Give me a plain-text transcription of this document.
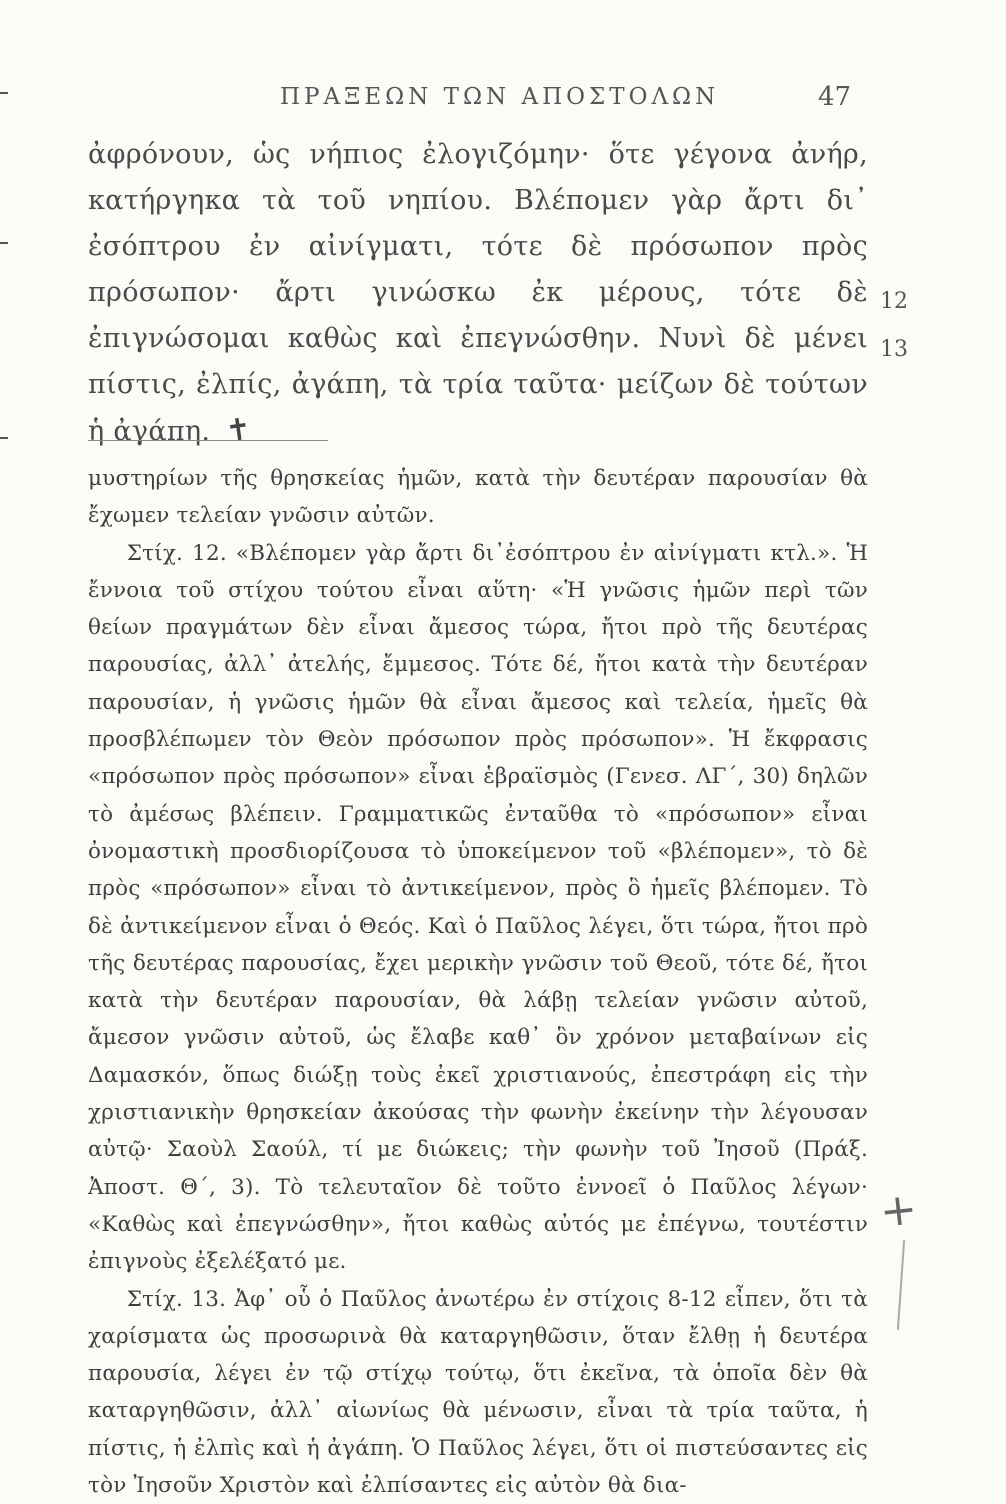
ΠΡΑΞΕΩΝ ΤΩΝ ΑΠΟΣΤΟΛΩΝ	47

ἀφρόνουν, ὡς νήπιος ἐλογιζόμην· ὅτε γέγονα ἀνήρ, κατήργηκα τὰ τοῦ νηπίου. Βλέπομεν γὰρ ἄρτι δι᾿ ἐσόπτρου ἐν αἰνίγματι, τότε δὲ πρόσωπον πρὸς πρόσωπον· ἄρτι γινώσκω ἐκ μέρους, τότε δὲ ἐπιγνώσομαι καθὼς καὶ ἐπεγνώσθην. Νυνὶ δὲ μένει πίστις, ἐλπίς, ἀγάπη, τὰ τρία ταῦτα· μείζων δὲ τούτων ἡ ἀγάπη. ✝

12
13

μυστηρίων τῆς θρησκείας ἡμῶν, κατὰ τὴν δευτέραν παρουσίαν θὰ ἔχωμεν τελείαν γνῶσιν αὐτῶν.

Στίχ. 12. «Βλέπομεν γὰρ ἄρτι δι᾿ἐσόπτρου ἐν αἰνίγματι κτλ.». Ἡ ἔννοια τοῦ στίχου τούτου εἶναι αὕτη· «Ἡ γνῶσις ἡμῶν περὶ τῶν θείων πραγμάτων δὲν εἶναι ἄμεσος τώρα, ἤτοι πρὸ τῆς δευτέρας παρουσίας, ἀλλ᾿ ἀτελής, ἔμμεσος. Τότε δέ, ἤτοι κατὰ τὴν δευτέραν παρουσίαν, ἡ γνῶσις ἡμῶν θὰ εἶναι ἄμεσος καὶ τελεία, ἡμεῖς θὰ προσβλέπωμεν τὸν Θεὸν πρόσωπον πρὸς πρόσωπον». Ἡ ἔκφρασις «πρόσωπον πρὸς πρόσωπον» εἶναι ἑβραϊσμὸς (Γενεσ. ΛΓ΄, 30) δηλῶν τὸ ἀμέσως βλέπειν. Γραμματικῶς ἐνταῦθα τὸ «πρόσωπον» εἶναι ὀνομαστικὴ προσδιορίζουσα τὸ ὑποκείμενον τοῦ «βλέπομεν», τὸ δὲ πρὸς «πρόσωπον» εἶναι τὸ ἀντικείμενον, πρὸς ὃ ἡμεῖς βλέπομεν. Τὸ δὲ ἀντικείμενον εἶναι ὁ Θεός. Καὶ ὁ Παῦλος λέγει, ὅτι τώρα, ἤτοι πρὸ τῆς δευτέρας παρουσίας, ἔχει μερικὴν γνῶσιν τοῦ Θεοῦ, τότε δέ, ἤτοι κατὰ τὴν δευτέραν παρουσίαν, θὰ λάβῃ τελείαν γνῶσιν αὐτοῦ, ἄμεσον γνῶσιν αὐτοῦ, ὡς ἔλαβε καθ᾿ ὃν χρόνον μεταβαίνων εἰς Δαμασκόν, ὅπως διώξῃ τοὺς ἐκεῖ χριστιανούς, ἐπεστράφη εἰς τὴν χριστιανικὴν θρησκείαν ἀκούσας τὴν φωνὴν ἐκείνην τὴν λέγουσαν αὐτῷ· Σαοὺλ Σαούλ, τί με διώκεις; τὴν φωνὴν τοῦ Ἰησοῦ (Πράξ. Ἀποστ. Θ΄, 3). Τὸ τελευταῖον δὲ τοῦτο ἐννοεῖ ὁ Παῦλος λέγων· «Καθὼς καὶ ἐπεγνώσθην», ἤτοι καθὼς αὐτός με ἐπέγνω, τουτέστιν ἐπιγνοὺς ἐξελέξατό με.

Στίχ. 13. Ἀφ᾿ οὗ ὁ Παῦλος ἀνωτέρω ἐν στίχοις 8-12 εἶπεν, ὅτι τὰ χαρίσματα ὡς προσωρινὰ θὰ καταργηθῶσιν, ὅταν ἔλθῃ ἡ δευτέρα παρουσία, λέγει ἐν τῷ στίχῳ τούτῳ, ὅτι ἐκεῖνα, τὰ ὁποῖα δὲν θὰ καταργηθῶσιν, ἀλλ᾿ αἰωνίως θὰ μένωσιν, εἶναι τὰ τρία ταῦτα, ἡ πίστις, ἡ ἐλπὶς καὶ ἡ ἀγάπη. Ὁ Παῦλος λέγει, ὅτι οἱ πιστεύσαντες εἰς τὸν Ἰησοῦν Χριστὸν καὶ ἐλπίσαντες εἰς αὐτὸν θὰ δια-

+
